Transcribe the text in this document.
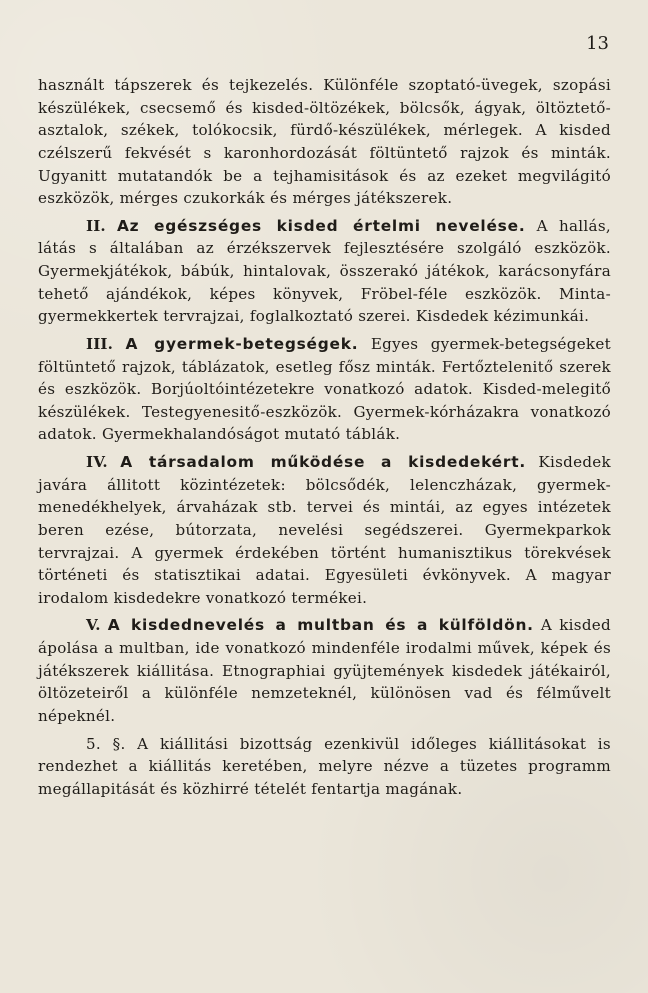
13

használt tápszerek és tejkezelés. Különféle szoptató-üvegek, szopási készülékek, csecsemő és kisded-öltözékek, bölcsők, ágyak, öltöztető-asztalok, székek, tolókocsik, fürdő-készülékek, mérlegek. A kisded czélszerű fekvését s karonhordozását föltüntető rajzok és minták. Ugyanitt mutatandók be a tejhamisitások és az ezeket megvilágitó eszközök, mérges czukorkák és mérges játékszerek.

II. Az egészséges kisded értelmi nevelése. A hallás, látás s általában az érzékszervek fejlesztésére szolgáló eszközök. Gyermekjátékok, bábúk, hintalovak, összerakó játékok, karácsonyfára tehető ajándékok, képes könyvek, Fröbel-féle eszközök. Minta-gyermekkertek tervrajzai, foglalkoztató szerei. Kisdedek kézimunkái.

III. A gyermek-betegségek. Egyes gyermek-betegségeket föltüntető rajzok, táblázatok, esetleg fősz minták. Fertőztelenitő szerek és eszközök. Borjúoltóintézetekre vonatkozó adatok. Kisded-melegitő készülékek. Testegyenesitő-eszközök. Gyermek-kórházakra vonatkozó adatok. Gyermekhalandóságot mutató táblák.

IV. A társadalom működése a kisdedekért. Kisdedek javára állitott közintézetek: bölcsődék, lelenczházak, gyermek-menedékhelyek, árvaházak stb. tervei és mintái, az egyes intézetek beren ezése, bútorzata, nevelési segédszerei. Gyermekparkok tervrajzai. A gyermek érdekében történt humanisztikus törekvések történeti és statisztikai adatai. Egyesületi évkönyvek. A magyar irodalom kisdedekre vonatkozó termékei.

V. A kisdednevelés a multban és a külföldön. A kisded ápolása a multban, ide vonatkozó mindenféle irodalmi művek, képek és játékszerek kiállitása. Etnographiai gyüjtemények kisdedek játékairól, öltözeteiről a különféle nemzeteknél, különösen vad és félművelt népeknél.

5. §. A kiállitási bizottság ezenkivül időleges kiállitásokat is rendezhet a kiállitás keretében, melyre nézve a tüzetes programm megállapitását és közhirré tételét fentartja magának.
